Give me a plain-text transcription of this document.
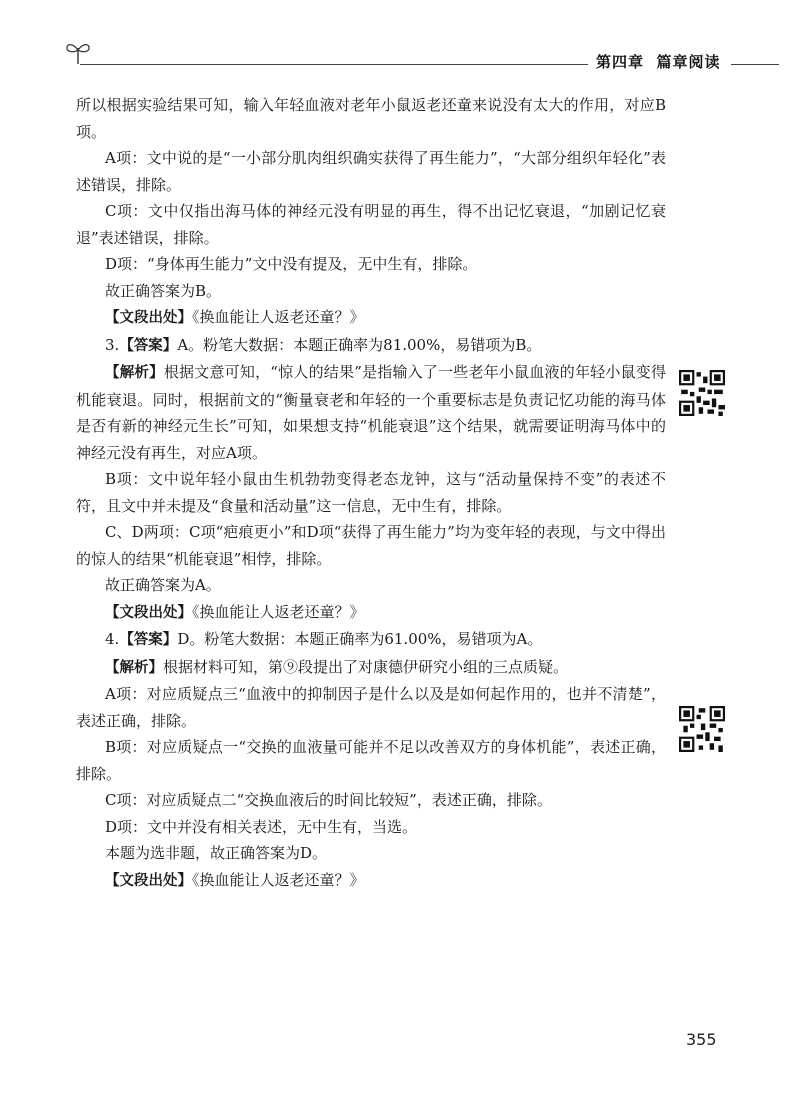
第四章 篇章阅读

所以根据实验结果可知，输入年轻血液对老年小鼠返老还童来说没有太大的作用，对应B项。

A项：文中说的是“一小部分肌肉组织确实获得了再生能力”，“大部分组织年轻化”表述错误，排除。

C项：文中仅指出海马体的神经元没有明显的再生，得不出记忆衰退，“加剧记忆衰退”表述错误，排除。

D项：“身体再生能力”文中没有提及，无中生有，排除。

故正确答案为B。

【文段出处】《换血能让人返老还童？》

3.【答案】A。粉笔大数据：本题正确率为81.00%，易错项为B。

【解析】根据文意可知，“惊人的结果”是指输入了一些老年小鼠血液的年轻小鼠变得机能衰退。同时，根据前文的“衡量衰老和年轻的一个重要标志是负责记忆功能的海马体是否有新的神经元生长”可知，如果想支持“机能衰退”这个结果，就需要证明海马体中的神经元没有再生，对应A项。

B项：文中说年轻小鼠由生机勃勃变得老态龙钟，这与“活动量保持不变”的表述不符，且文中并未提及“食量和活动量”这一信息，无中生有，排除。

C、D两项：C项“疤痕更小”和D项“获得了再生能力”均为变年轻的表现，与文中得出的惊人的结果“机能衰退”相悖，排除。

故正确答案为A。

【文段出处】《换血能让人返老还童？》

4.【答案】D。粉笔大数据：本题正确率为61.00%，易错项为A。

【解析】根据材料可知，第⑨段提出了对康德伊研究小组的三点质疑。

A项：对应质疑点三“血液中的抑制因子是什么以及是如何起作用的，也并不清楚”，表述正确，排除。

B项：对应质疑点一“交换的血液量可能并不足以改善双方的身体机能”，表述正确，排除。

C项：对应质疑点二“交换血液后的时间比较短”，表述正确，排除。

D项：文中并没有相关表述，无中生有，当选。

本题为选非题，故正确答案为D。

【文段出处】《换血能让人返老还童？》

355
